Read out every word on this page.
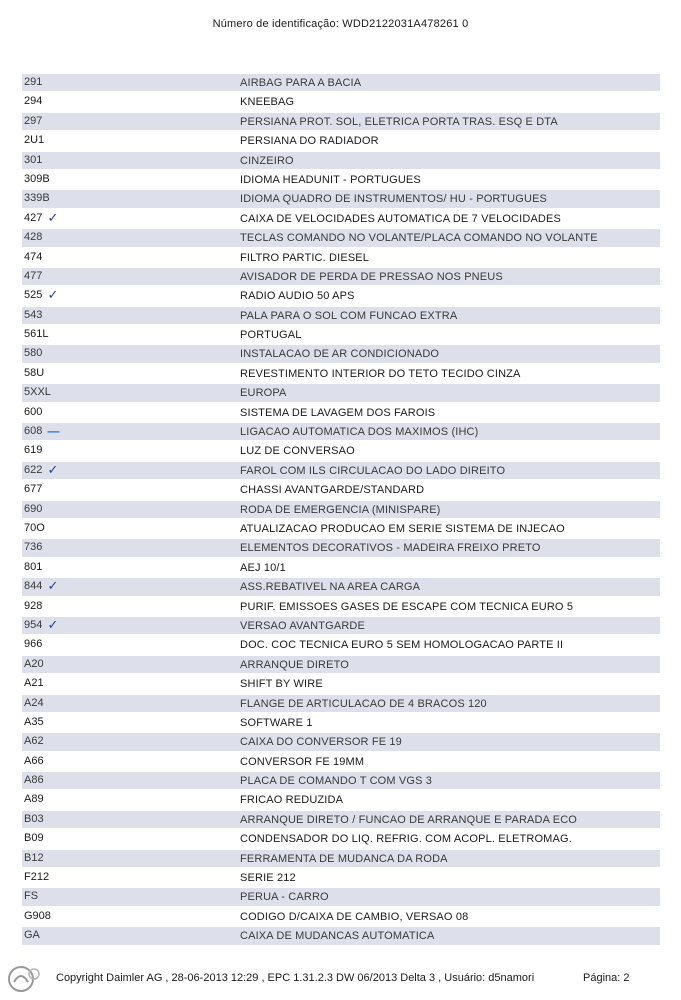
Número de identificação: WDD2122031A478261 0
291	AIRBAG PARA A BACIA
294	KNEEBAG
297	PERSIANA PROT. SOL, ELETRICA PORTA TRAS. ESQ E DTA
2U1	PERSIANA DO RADIADOR
301	CINZEIRO
309B	IDIOMA HEADUNIT - PORTUGUES
339B	IDIOMA QUADRO DE INSTRUMENTOS/ HU - PORTUGUES
427 ✓	CAIXA DE VELOCIDADES AUTOMATICA DE 7 VELOCIDADES
428	TECLAS COMANDO NO VOLANTE/PLACA COMANDO NO VOLANTE
474	FILTRO PARTIC. DIESEL
477	AVISADOR DE PERDA DE PRESSAO NOS PNEUS
525 ✓	RADIO AUDIO 50 APS
543	PALA PARA O SOL COM FUNCAO EXTRA
561L	PORTUGAL
580	INSTALACAO DE AR CONDICIONADO
58U	REVESTIMENTO INTERIOR DO TETO TECIDO CINZA
5XXL	EUROPA
600	SISTEMA DE LAVAGEM DOS FAROIS
608 —	LIGACAO AUTOMATICA DOS MAXIMOS (IHC)
619	LUZ DE CONVERSAO
622 ✓	FAROL COM ILS CIRCULACAO DO LADO DIREITO
677	CHASSI AVANTGARDE/STANDARD
690	RODA DE EMERGENCIA (MINISPARE)
70O	ATUALIZACAO PRODUCAO EM SERIE SISTEMA DE INJECAO
736	ELEMENTOS DECORATIVOS - MADEIRA FREIXO PRETO
801	AEJ 10/1
844 ✓	ASS.REBATIVEL NA AREA CARGA
928	PURIF. EMISSOES GASES DE ESCAPE COM TECNICA EURO 5
954 ✓	VERSAO AVANTGARDE
966	DOC. COC TECNICA EURO 5 SEM HOMOLOGACAO PARTE II
A20	ARRANQUE DIRETO
A21	SHIFT BY WIRE
A24	FLANGE DE ARTICULACAO DE 4 BRACOS 120
A35	SOFTWARE 1
A62	CAIXA DO CONVERSOR FE 19
A66	CONVERSOR FE 19MM
A86	PLACA DE COMANDO T COM VGS 3
A89	FRICAO REDUZIDA
B03	ARRANQUE DIRETO / FUNCAO DE ARRANQUE E PARADA ECO
B09	CONDENSADOR DO LIQ. REFRIG. COM ACOPL. ELETROMAG.
B12	FERRAMENTA DE MUDANCA DA RODA
F212	SERIE 212
FS	PERUA - CARRO
G908	CODIGO D/CAIXA DE CAMBIO, VERSAO 08
GA	CAIXA DE MUDANCAS AUTOMATICA
Copyright Daimler AG , 28-06-2013 12:29 , EPC 1.31.2.3 DW 06/2013 Delta 3 , Usuário: d5namori	Página: 2
